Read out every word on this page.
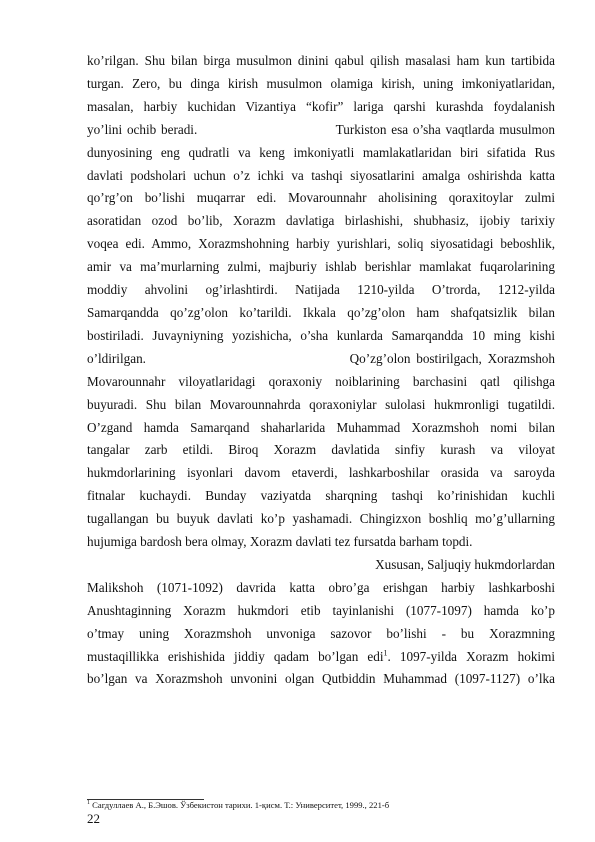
ko’rilgan. Shu bilan birga musulmon dinini qabul qilish masalasi ham kun tartibida
turgan. Zero, bu dinga kirish musulmon olamiga kirish, uning imkoniyatlaridan,
masalan, harbiy kuchidan Vizantiya “kofir” lariga qarshi kurashda foydalanish
yo’lini ochib beradi.                             Turkiston esa o’sha vaqtlarda musulmon
dunyosining eng qudratli va keng imkoniyatli mamlakatlaridan biri sifatida Rus
davlati podsholari uchun o’z ichki va tashqi siyosatlarini amalga oshirishda katta
qo’rg’on bo’lishi muqarrar edi. Movarounnahr aholisining qoraxitoylar zulmi
asoratidan ozod bo’lib, Xorazm davlatiga birlashishi, shubhasiz, ijobiy tarixiy
voqea edi. Ammo, Xorazmshohning harbiy yurishlari, soliq siyosatidagi beboshlik,
amir va ma’murlarning zulmi, majburiy ishlab berishlar mamlakat fuqarolarining
moddiy ahvolini og’irlashtirdi. Natijada 1210-yilda O’trorda, 1212-yilda
Samarqandda qo’zg’olon ko’tarildi. Ikkala qo’zg’olon ham shafqatsizlik bilan
bostiriladi. Juvayniyning yozishicha, o’sha kunlarda Samarqandda 10 ming kishi
o’ldirilgan.                                   Qo’zg’olon bostirilgach, Xorazmshoh
Movarounnahr viloyatlaridagi qoraxoniy noiblarining barchasini qatl qilishga
buyuradi. Shu bilan Movarounnahrda qoraxoniylar sulolasi hukmronligi tugatildi.
O’zgand hamda Samarqand shaharlarida Muhammad Xorazmshoh nomi bilan
tangalar zarb etildi. Biroq Xorazm davlatida sinfiy kurash va viloyat
hukmdorlarining isyonlari davom etaverdi, lashkarboshilar orasida va saroyda
fitnalar kuchaydi. Bunday vaziyatda sharqning tashqi ko’rinishidan kuchli
tugallangan bu buyuk davlati ko’p yashamadi. Chingizxon boshliq mo’g’ullarning
hujumiga bardosh bera olmay, Xorazm davlati tez fursatda barham topdi.
Xususan, Saljuqiy hukmdorlardan
Malikshoh (1071-1092) davrida katta obro’ga erishgan harbiy lashkarboshi
Anushtaginning Xorazm hukmdori etib tayinlanishi (1077-1097) hamda ko’p
o’tmay uning Xorazmshoh unvoniga sazovor bo’lishi - bu Xorazmning
mustaqillikka erishishida jiddiy qadam bo’lgan edi$^1$. 1097-yilda Xorazm hokimi
bo’lgan va Xorazmshoh unvonini olgan Qutbiddin Muhammad (1097-1127) o’lka
$^1$ Сагдуллаев А., Б.Эшов. Ўзбекистон тарихи. 1-қисм. Т.: Университет, 1999., 221-б
22
